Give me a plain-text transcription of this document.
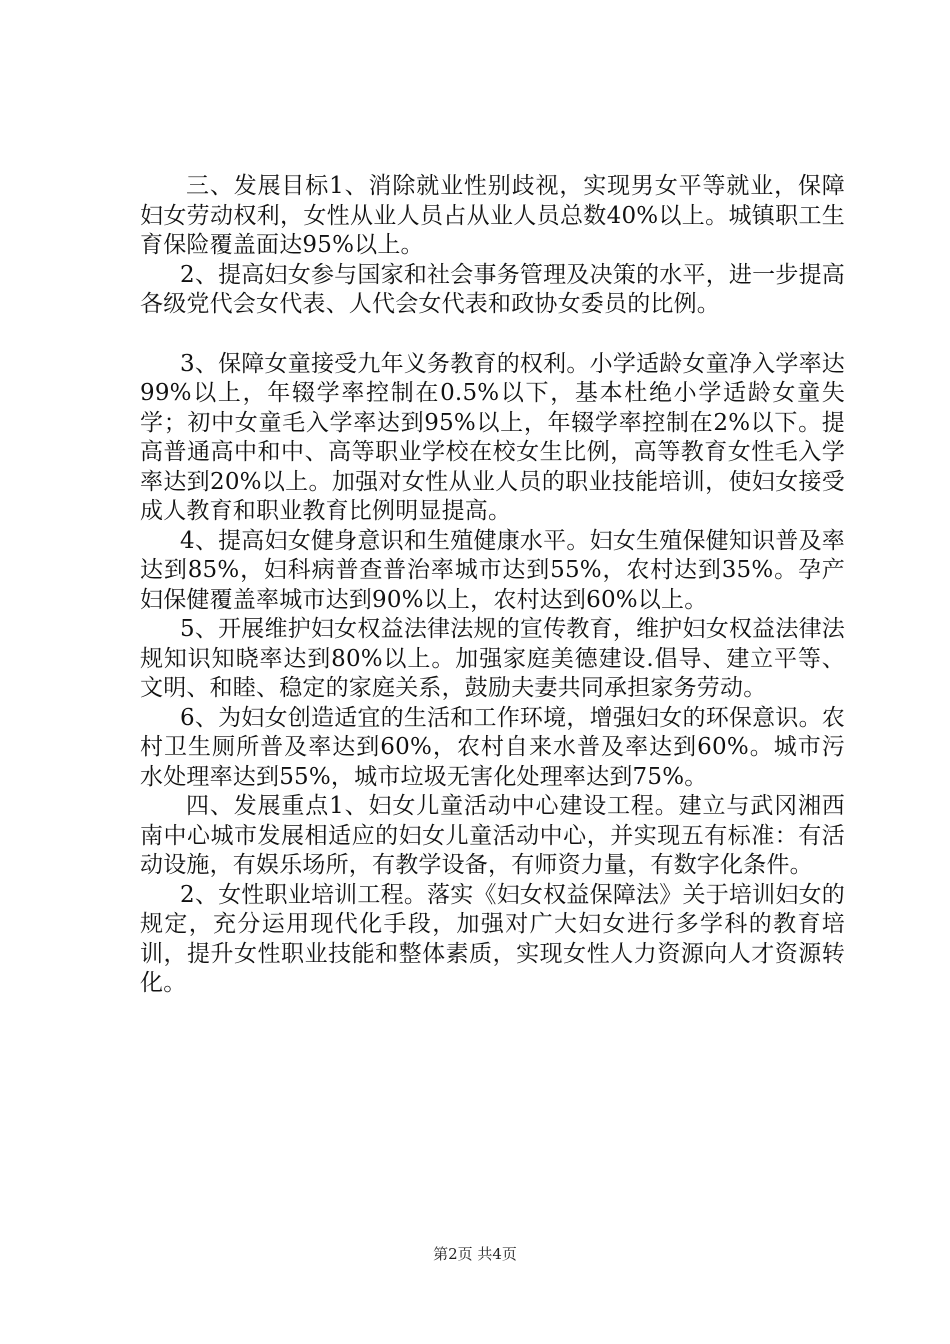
三、发展目标1、消除就业性别歧视，实现男女平等就业，保障妇女劳动权利，女性从业人员占从业人员总数40%以上。城镇职工生育保险覆盖面达95%以上。

2、提高妇女参与国家和社会事务管理及决策的水平，进一步提高各级党代会女代表、人代会女代表和政协女委员的比例。

3、保障女童接受九年义务教育的权利。小学适龄女童净入学率达99%以上，年辍学率控制在0.5%以下，基本杜绝小学适龄女童失学；初中女童毛入学率达到95%以上，年辍学率控制在2%以下。提高普通高中和中、高等职业学校在校女生比例，高等教育女性毛入学率达到20%以上。加强对女性从业人员的职业技能培训，使妇女接受成人教育和职业教育比例明显提高。

4、提高妇女健身意识和生殖健康水平。妇女生殖保健知识普及率达到85%，妇科病普查普治率城市达到55%，农村达到35%。孕产妇保健覆盖率城市达到90%以上，农村达到60%以上。

5、开展维护妇女权益法律法规的宣传教育，维护妇女权益法律法规知识知晓率达到80%以上。加强家庭美德建设.倡导、建立平等、文明、和睦、稳定的家庭关系，鼓励夫妻共同承担家务劳动。

6、为妇女创造适宜的生活和工作环境，增强妇女的环保意识。农村卫生厕所普及率达到60%，农村自来水普及率达到60%。城市污水处理率达到55%，城市垃圾无害化处理率达到75%。

四、发展重点1、妇女儿童活动中心建设工程。建立与武冈湘西南中心城市发展相适应的妇女儿童活动中心，并实现五有标准：有活动设施，有娱乐场所，有教学设备，有师资力量，有数字化条件。

2、女性职业培训工程。落实《妇女权益保障法》关于培训妇女的规定，充分运用现代化手段，加强对广大妇女进行多学科的教育培训，提升女性职业技能和整体素质，实现女性人力资源向人才资源转化。

第2页 共4页
